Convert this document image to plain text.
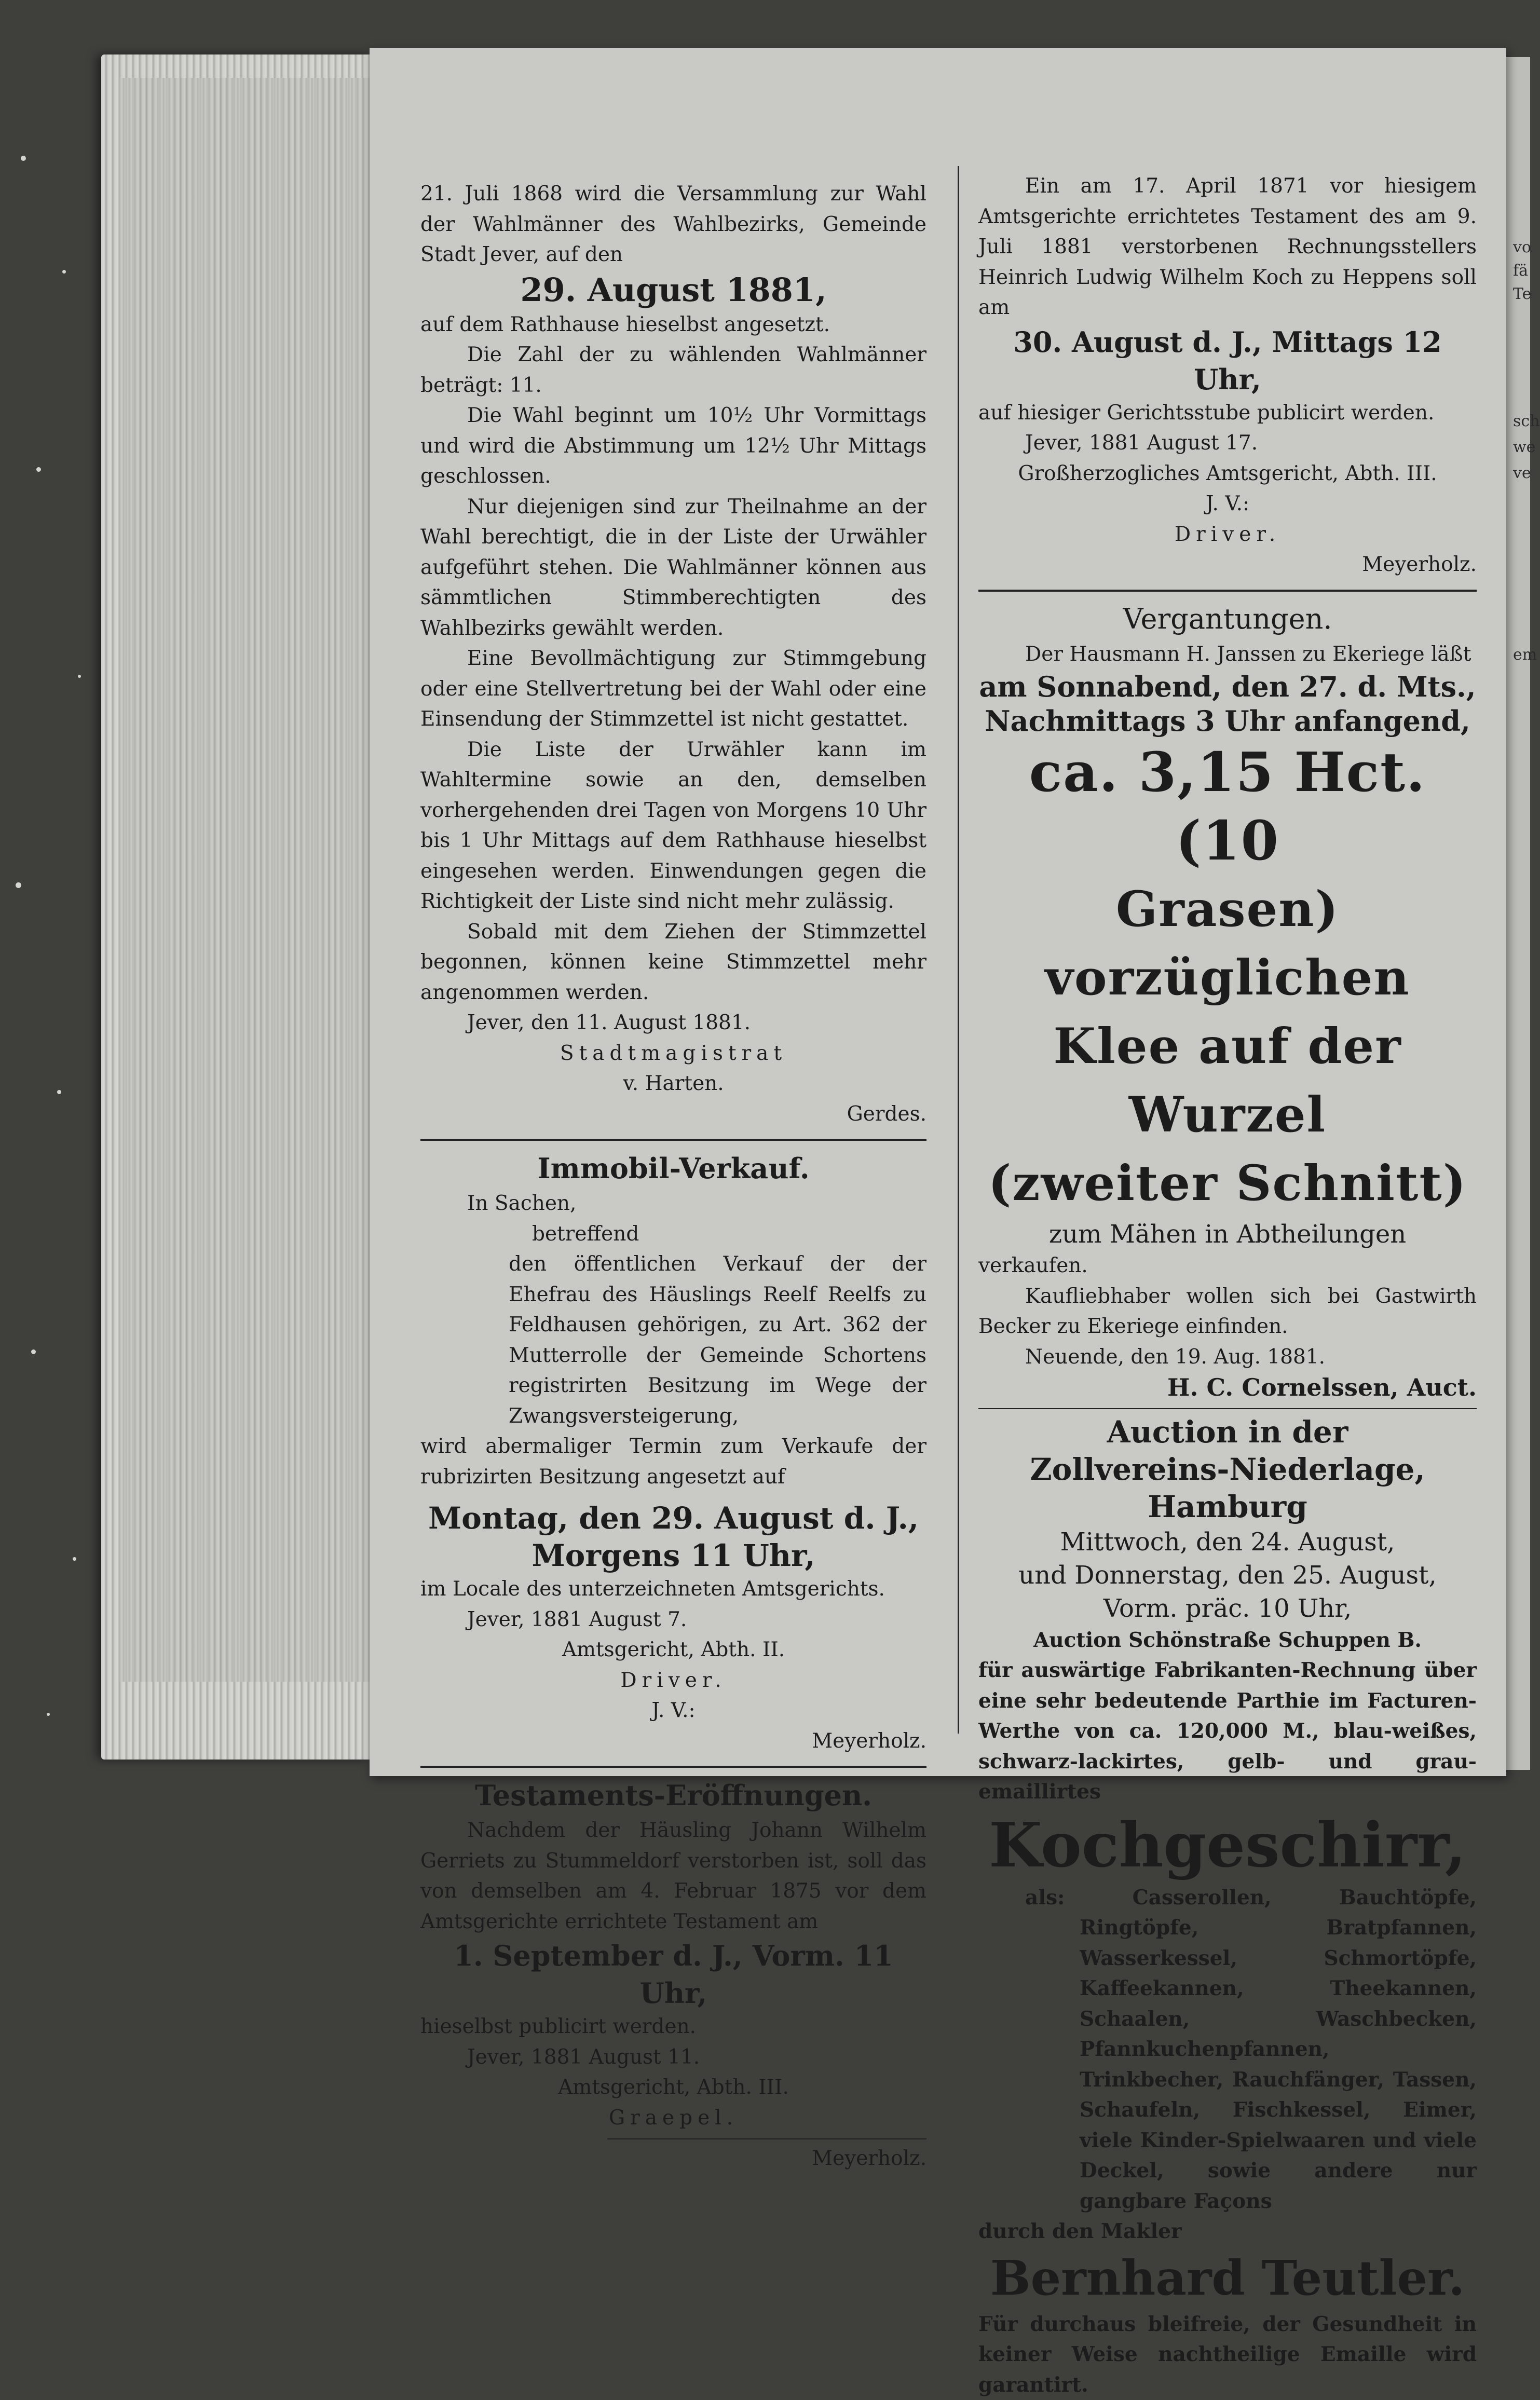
21. Juli 1868 wird die Versammlung zur Wahl der Wahlmänner des Wahlbezirks, Gemeinde Stadt Jever, auf den

29. August 1881,

auf dem Rathhause hieselbst angesetzt.

Die Zahl der zu wählenden Wahlmänner beträgt: 11.

Die Wahl beginnt um 10½ Uhr Vormittags und wird die Abstimmung um 12½ Uhr Mittags geschlossen.

Nur diejenigen sind zur Theilnahme an der Wahl berechtigt, die in der Liste der Urwähler aufgeführt stehen. Die Wahlmänner können aus sämmtlichen Stimmberechtigten des Wahlbezirks gewählt werden.

Eine Bevollmächtigung zur Stimmgebung oder eine Stellvertretung bei der Wahl oder eine Einsendung der Stimmzettel ist nicht gestattet.

Die Liste der Urwähler kann im Wahltermine sowie an den, demselben vorhergehenden drei Tagen von Morgens 10 Uhr bis 1 Uhr Mittags auf dem Rathhause hieselbst eingesehen werden. Einwendungen gegen die Richtigkeit der Liste sind nicht mehr zulässig.

Sobald mit dem Ziehen der Stimmzettel begonnen, können keine Stimmzettel mehr angenommen werden.

Jever, den 11. August 1881.

Stadtmagistrat

v. Harten.

Gerdes.

Immobil-Verkauf.

In Sachen,

betreffend

den öffentlichen Verkauf der der Ehefrau des Häuslings Reelf Reelfs zu Feldhausen gehörigen, zu Art. 362 der Mutterrolle der Gemeinde Schortens registrirten Besitzung im Wege der Zwangsversteigerung,

wird abermaliger Termin zum Verkaufe der rubrizirten Besitzung angesetzt auf

Montag, den 29. August d. J.,
Morgens 11 Uhr,

im Locale des unterzeichneten Amtsgerichts.

Jever, 1881 August 7.

Amtsgericht, Abth. II.

Driver.

J. V.:

Meyerholz.

Testaments-Eröffnungen.

Nachdem der Häusling Johann Wilhelm Gerriets zu Stummeldorf verstorben ist, soll das von demselben am 4. Februar 1875 vor dem Amtsgerichte errichtete Testament am

1. September d. J., Vorm. 11 Uhr,

hieselbst publicirt werden.

Jever, 1881 August 11.

Amtsgericht, Abth. III.

Graepel.

Meyerholz.

Ein am 17. April 1871 vor hiesigem Amtsgerichte errichtetes Testament des am 9. Juli 1881 verstorbenen Rechnungsstellers Heinrich Ludwig Wilhelm Koch zu Heppens soll am

30. August d. J., Mittags 12 Uhr,

auf hiesiger Gerichtsstube publicirt werden.

Jever, 1881 August 17.

Großherzogliches Amtsgericht, Abth. III.

J. V.:

Driver.

Meyerholz.

Vergantungen.

Der Hausmann H. Janssen zu Ekeriege läßt

am Sonnabend, den 27. d. Mts.,
Nachmittags 3 Uhr anfangend,
ca. 3,15 Hct. (10
Grasen) vorzüglichen
Klee auf der Wurzel
(zweiter Schnitt)
zum Mähen in Abtheilungen

verkaufen.

Kaufliebhaber wollen sich bei Gastwirth Becker zu Ekeriege einfinden.

Neuende, den 19. Aug. 1881.

H. C. Cornelssen, Auct.

Auction in der
Zollvereins-Niederlage,
Hamburg
Mittwoch, den 24. August,
und Donnerstag, den 25. August,
Vorm. präc. 10 Uhr,

Auction Schönstraße Schuppen B.

für auswärtige Fabrikanten-Rechnung über eine sehr bedeutende Parthie im Facturen-Werthe von ca. 120,000 M., blau-weißes, schwarz-lackirtes, gelb- und grau-emaillirtes

Kochgeschirr,

als: Casserollen, Bauchtöpfe, Ringtöpfe, Bratpfannen, Wasserkessel, Schmortöpfe, Kaffeekannen, Theekannen, Schaalen, Waschbecken, Pfannkuchenpfannen, Trinkbecher, Rauchfänger, Tassen, Schaufeln, Fischkessel, Eimer, viele Kinder-Spielwaaren und viele Deckel, sowie andere nur gangbare Façons

durch den Makler

Bernhard Teutler.

Für durchaus bleifreie, der Gesundheit in keiner Weise nachtheilige Emaille wird garantirt.

vo
fä
Te
sch
we
ve
em
